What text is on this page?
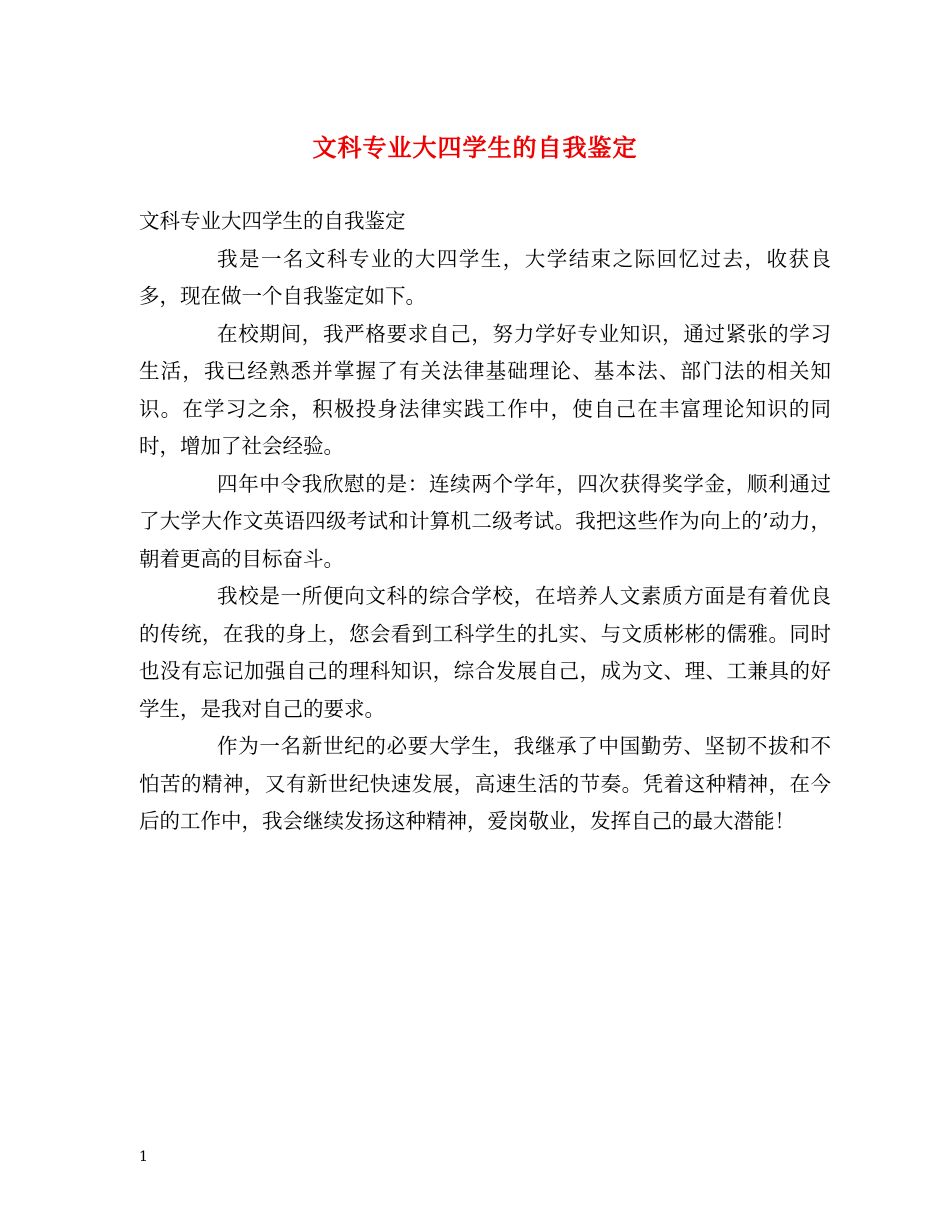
文科专业大四学生的自我鉴定

文科专业大四学生的自我鉴定

我是一名文科专业的大四学生，大学结束之际回忆过去，收获良多，现在做一个自我鉴定如下。

在校期间，我严格要求自己，努力学好专业知识，通过紧张的学习生活，我已经熟悉并掌握了有关法律基础理论、基本法、部门法的相关知识。在学习之余，积极投身法律实践工作中，使自己在丰富理论知识的同时，增加了社会经验。

四年中令我欣慰的是：连续两个学年，四次获得奖学金，顺利通过了大学大作文英语四级考试和计算机二级考试。我把这些作为向上的’动力，朝着更高的目标奋斗。

我校是一所便向文科的综合学校，在培养人文素质方面是有着优良的传统，在我的身上，您会看到工科学生的扎实、与文质彬彬的儒雅。同时也没有忘记加强自己的理科知识，综合发展自己，成为文、理、工兼具的好学生，是我对自己的要求。

作为一名新世纪的必要大学生，我继承了中国勤劳、坚韧不拔和不怕苦的精神，又有新世纪快速发展，高速生活的节奏。凭着这种精神，在今后的工作中，我会继续发扬这种精神，爱岗敬业，发挥自己的最大潜能！

1
